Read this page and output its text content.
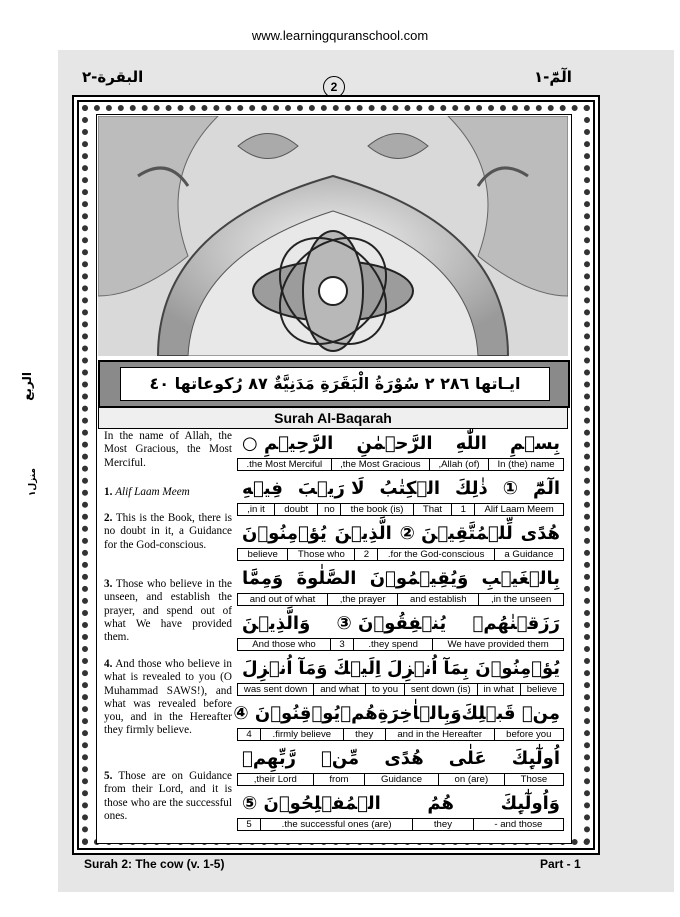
www.learningquranschool.com
البقرة-٢	الٓمّٓ-١
2
الربع
منزل١
ايـاتها ٢٨٦ ٢ سُوْرَةُ الْبَقَرَةِ مَدَنِيَّةٌ ٨٧ رُكوعاتها ٤٠
Surah Al-Baqarah
In the name of Allah, the Most Gracious, the Most Merciful.
1. Alif Laam Meem
2. This is the Book, there is no doubt in it, a Guidance for the God-conscious.
3. Those who believe in the unseen, and establish the prayer, and spend out of what We have provided them.
4. And those who believe in what is revealed to you (O Muhammad SAWS!), and what was revealed before you, and in the Hereafter they firmly believe.
5. Those are on Guidance from their Lord, and it is those who are the successful ones.
بِسۡمِ
اللّٰهِ
الرَّحۡمٰنِ
الرَّحِيۡمِ ○
In (the) name
(of) Allah,
the Most Gracious,
the Most Merciful.
الٓمّٓ
①
ذٰلِكَ
الۡكِتٰبُ
لَا رَيۡبَ
فِيۡهِ
Alif Laam Meem
1
That
(is) the book
no
doubt
in it,
هُدًى
لِّلۡمُتَّقِيۡنَ ②
الَّذِيۡنَ
يُؤۡمِنُوۡنَ
a Guidance
for the God-conscious.
2
Those who
believe
بِالۡغَيۡبِ
وَيُقِيۡمُوۡنَ
الصَّلٰوةَ
وَمِمَّا
in the unseen,
and establish
the prayer,
and out of what
رَزَقۡنٰهُمۡ
يُنۡفِقُوۡنَ ③
وَالَّذِيۡنَ
We have provided them
they spend.
3
And those who
يُؤۡمِنُوۡنَ بِمَآ
اُنۡزِلَ
اِلَيۡكَ
وَمَآ
اُنۡزِلَ
believe
in what
(is) sent down
to you
and what
was sent down
مِنۡ قَبۡلِكَ
وَبِالۡاٰخِرَةِ
هُمۡ
يُوۡقِنُوۡنَ ④
before you
and in the Hereafter
they
firmly believe.
4
اُولٰٓٮِٕكَ
عَلٰى
هُدًى
مِّنۡ
رَّبِّهِمۡ
Those
(are) on
Guidance
from
their Lord,
وَاُولٰٓٮِٕكَ
هُمُ
الۡمُفۡلِحُوۡنَ ⑤
and those -
they
(are) the successful ones.
5
Surah 2: The cow (v. 1-5)	Part - 1
